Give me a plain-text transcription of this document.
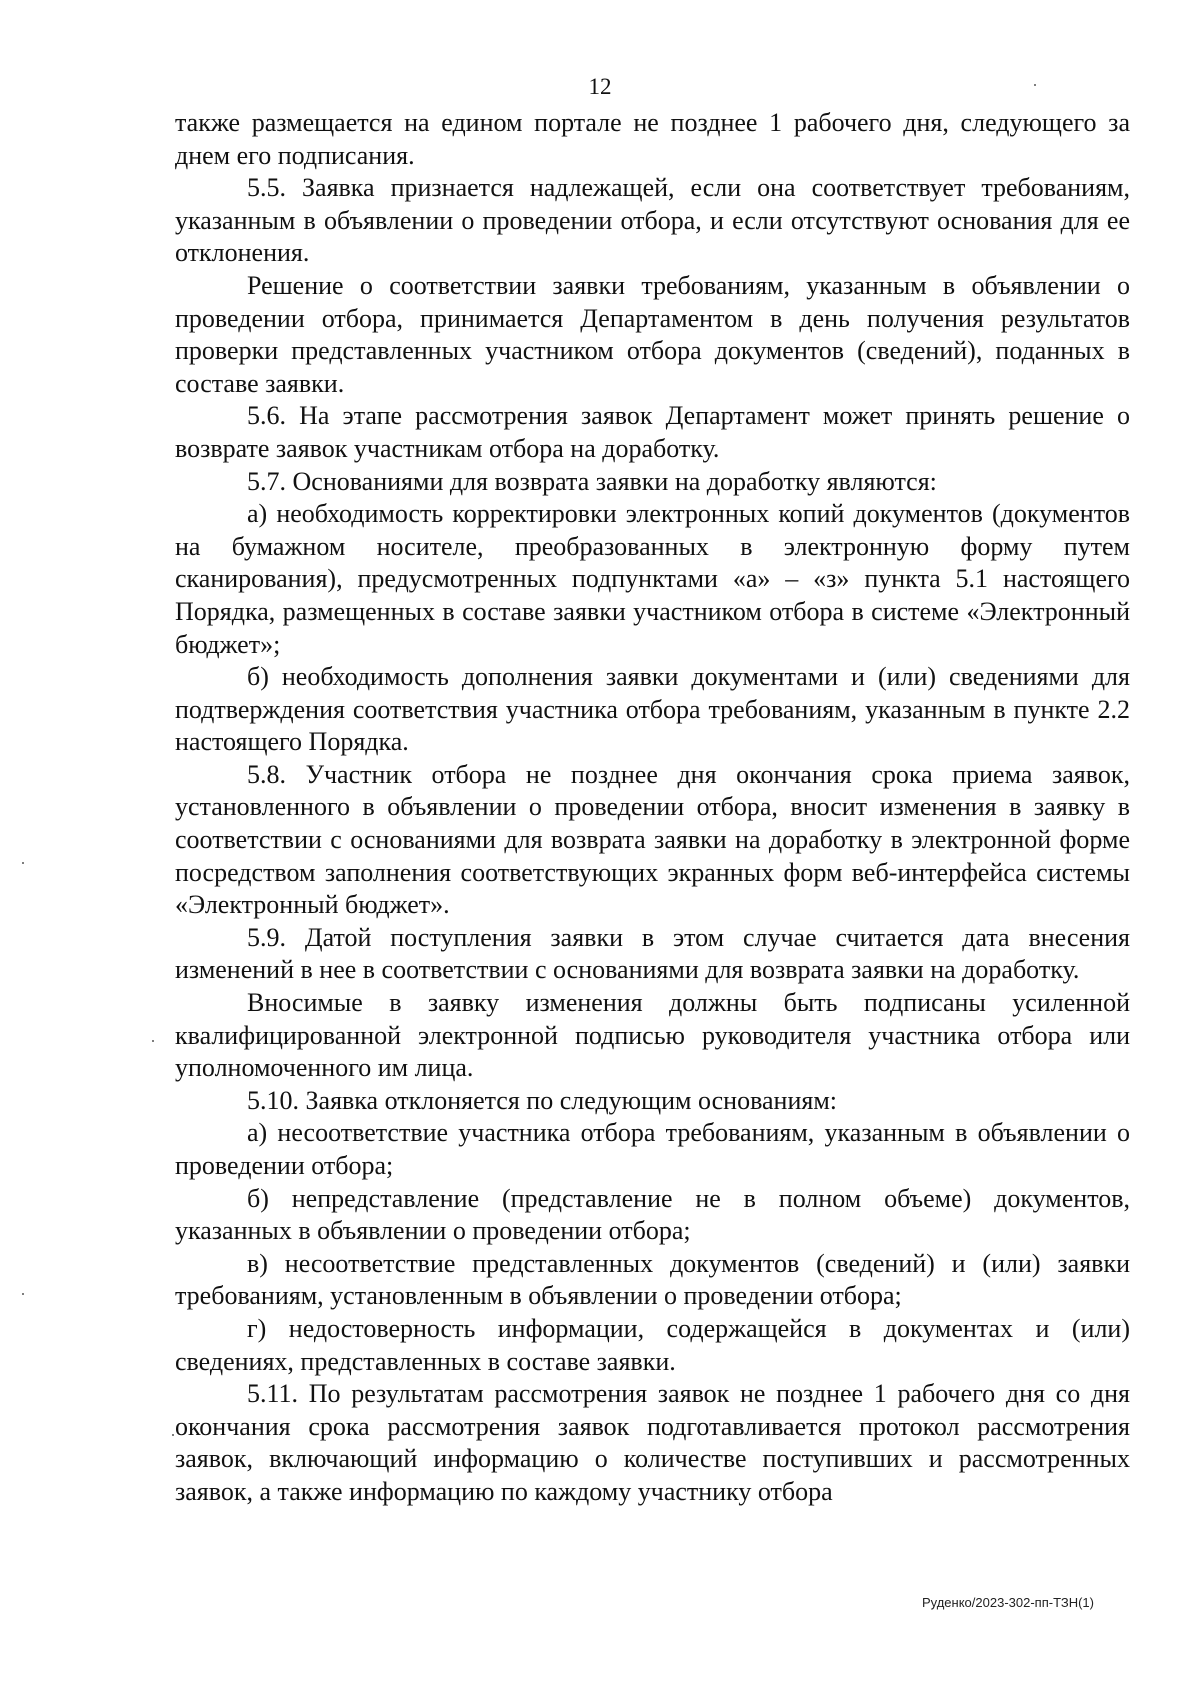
12

также размещается на едином портале не позднее 1 рабочего дня, следующего за днем его подписания.

5.5. Заявка признается надлежащей, если она соответствует требованиям, указанным в объявлении о проведении отбора, и если отсутствуют основания для ее отклонения.

Решение о соответствии заявки требованиям, указанным в объявлении о проведении отбора, принимается Департаментом в день получения результатов проверки представленных участником отбора документов (сведений), поданных в составе заявки.

5.6. На этапе рассмотрения заявок Департамент может принять решение о возврате заявок участникам отбора на доработку.

5.7. Основаниями для возврата заявки на доработку являются:

а) необходимость корректировки электронных копий документов (документов на бумажном носителе, преобразованных в электронную форму путем сканирования), предусмотренных подпунктами «а» – «з» пункта 5.1 настоящего Порядка, размещенных в составе заявки участником отбора в системе «Электронный бюджет»;

б) необходимость дополнения заявки документами и (или) сведениями для подтверждения соответствия участника отбора требованиям, указанным в пункте 2.2 настоящего Порядка.

5.8. Участник отбора не позднее дня окончания срока приема заявок, установленного в объявлении о проведении отбора, вносит изменения в заявку в соответствии с основаниями для возврата заявки на доработку в электронной форме посредством заполнения соответствующих экранных форм веб-интерфейса системы «Электронный бюджет».

5.9. Датой поступления заявки в этом случае считается дата внесения изменений в нее в соответствии с основаниями для возврата заявки на доработку.

Вносимые в заявку изменения должны быть подписаны усиленной квалифицированной электронной подписью руководителя участника отбора или уполномоченного им лица.

5.10. Заявка отклоняется по следующим основаниям:

а) несоответствие участника отбора требованиям, указанным в объявлении о проведении отбора;

б) непредставление (представление не в полном объеме) документов, указанных в объявлении о проведении отбора;

в) несоответствие представленных документов (сведений) и (или) заявки требованиям, установленным в объявлении о проведении отбора;

г) недостоверность информации, содержащейся в документах и (или) сведениях, представленных в составе заявки.

5.11. По результатам рассмотрения заявок не позднее 1 рабочего дня со дня окончания срока рассмотрения заявок подготавливается протокол рассмотрения заявок, включающий информацию о количестве поступивших и рассмотренных заявок, а также информацию по каждому участнику отбора

Руденко/2023-302-пп-ТЗН(1)
